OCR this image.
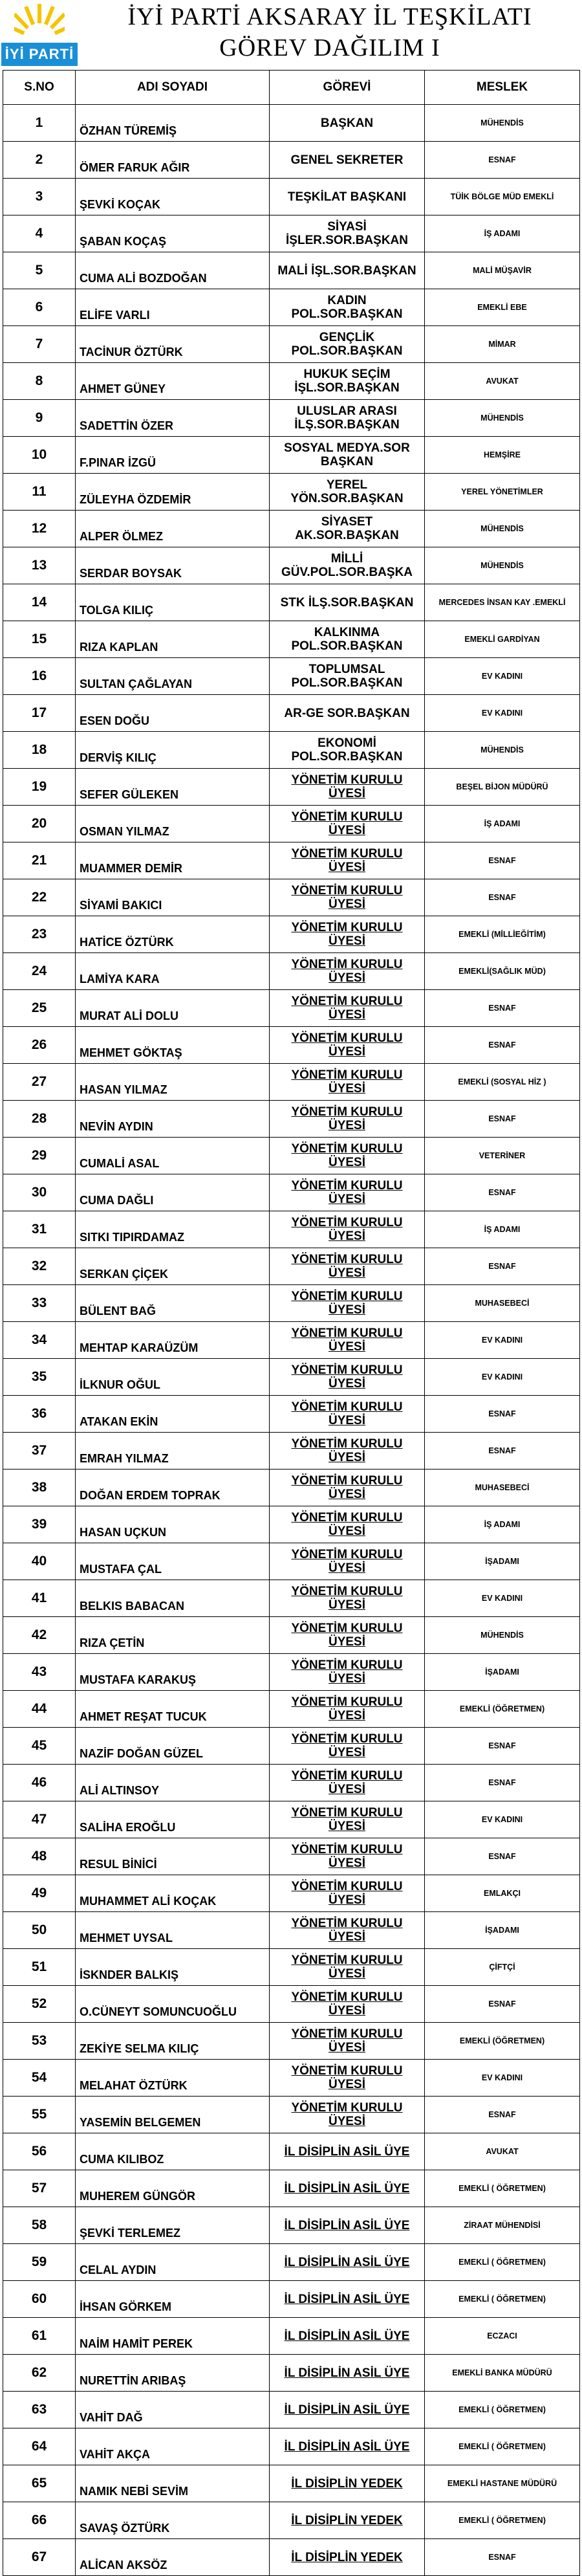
İYİ PARTİ
İYİ PARTİ AKSARAY İL TEŞKİLATI
GÖREV DAĞILIM I
S.NO	ADI SOYADI	GÖREVİ	MESLEK
1	ÖZHAN TÜREMİŞ	BAŞKAN	MÜHENDİS
2	ÖMER FARUK AĞIR	GENEL SEKRETER	ESNAF
3	ŞEVKİ KOÇAK	TEŞKİLAT BAŞKANI	TÜİK BÖLGE MÜD EMEKLİ
4	ŞABAN KOÇAŞ	SİYASİ İŞLER.SOR.BAŞKAN	İŞ ADAMI
5	CUMA ALİ BOZDOĞAN	MALİ İŞL.SOR.BAŞKAN	MALİ MÜŞAVİR
6	ELİFE VARLI	KADIN POL.SOR.BAŞKAN	EMEKLİ EBE
7	TACİNUR ÖZTÜRK	GENÇLİK POL.SOR.BAŞKAN	MİMAR
8	AHMET GÜNEY	HUKUK SEÇİM İŞL.SOR.BAŞKAN	AVUKAT
9	SADETTİN ÖZER	ULUSLAR ARASI İLŞ.SOR.BAŞKAN	MÜHENDİS
10	F.PINAR İZGÜ	SOSYAL MEDYA.SOR BAŞKAN	HEMŞİRE
11	ZÜLEYHA ÖZDEMİR	YEREL YÖN.SOR.BAŞKAN	YEREL YÖNETİMLER
12	ALPER ÖLMEZ	SİYASET AK.SOR.BAŞKAN	MÜHENDİS
13	SERDAR BOYSAK	MİLLİ GÜV.POL.SOR.BAŞKA	MÜHENDİS
14	TOLGA KILIÇ	STK İLŞ.SOR.BAŞKAN	MERCEDES İNSAN KAY .EMEKLİ
15	RIZA KAPLAN	KALKINMA POL.SOR.BAŞKAN	EMEKLİ GARDİYAN
16	SULTAN ÇAĞLAYAN	TOPLUMSAL POL.SOR.BAŞKAN	EV KADINI
17	ESEN DOĞU	AR-GE SOR.BAŞKAN	EV KADINI
18	DERVİŞ KILIÇ	EKONOMİ POL.SOR.BAŞKAN	MÜHENDİS
19	SEFER GÜLEKEN	YÖNETİM KURULU ÜYESİ	BEŞEL BİJON MÜDÜRÜ
20	OSMAN YILMAZ	YÖNETİM KURULU ÜYESİ	İŞ ADAMI
21	MUAMMER DEMİR	YÖNETİM KURULU ÜYESİ	ESNAF
22	SİYAMİ BAKICI	YÖNETİM KURULU ÜYESİ	ESNAF
23	HATİCE ÖZTÜRK	YÖNETİM KURULU ÜYESİ	EMEKLİ (MİLLİEĞİTİM)
24	LAMİYA KARA	YÖNETİM KURULU ÜYESİ	EMEKLİ(SAĞLIK MÜD)
25	MURAT ALİ DOLU	YÖNETİM KURULU ÜYESİ	ESNAF
26	MEHMET GÖKTAŞ	YÖNETİM KURULU ÜYESİ	ESNAF
27	HASAN YILMAZ	YÖNETİM KURULU ÜYESİ	EMEKLİ (SOSYAL HİZ )
28	NEVİN AYDIN	YÖNETİM KURULU ÜYESİ	ESNAF
29	CUMALİ ASAL	YÖNETİM KURULU ÜYESİ	VETERİNER
30	CUMA DAĞLI	YÖNETİM KURULU ÜYESİ	ESNAF
31	SITKI TIPIRDAMAZ	YÖNETİM KURULU ÜYESİ	İŞ ADAMI
32	SERKAN ÇİÇEK	YÖNETİM KURULU ÜYESİ	ESNAF
33	BÜLENT BAĞ	YÖNETİM KURULU ÜYESİ	MUHASEBECİ
34	MEHTAP KARAÜZÜM	YÖNETİM KURULU ÜYESİ	EV KADINI
35	İLKNUR OĞUL	YÖNETİM KURULU ÜYESİ	EV KADINI
36	ATAKAN EKİN	YÖNETİM KURULU ÜYESİ	ESNAF
37	EMRAH YILMAZ	YÖNETİM KURULU ÜYESİ	ESNAF
38	DOĞAN ERDEM TOPRAK	YÖNETİM KURULU ÜYESİ	MUHASEBECİ
39	HASAN UÇKUN	YÖNETİM KURULU ÜYESİ	İŞ ADAMI
40	MUSTAFA ÇAL	YÖNETİM KURULU ÜYESİ	İŞADAMI
41	BELKIS BABACAN	YÖNETİM KURULU ÜYESİ	EV KADINI
42	RIZA ÇETİN	YÖNETİM KURULU ÜYESİ	MÜHENDİS
43	MUSTAFA KARAKUŞ	YÖNETİM KURULU ÜYESİ	İŞADAMI
44	AHMET REŞAT TUCUK	YÖNETİM KURULU ÜYESİ	EMEKLİ (ÖĞRETMEN)
45	NAZİF DOĞAN GÜZEL	YÖNETİM KURULU ÜYESİ	ESNAF
46	ALİ ALTINSOY	YÖNETİM KURULU ÜYESİ	ESNAF
47	SALİHA EROĞLU	YÖNETİM KURULU ÜYESİ	EV KADINI
48	RESUL BİNİCİ	YÖNETİM KURULU ÜYESİ	ESNAF
49	MUHAMMET ALİ KOÇAK	YÖNETİM KURULU ÜYESİ	EMLAKÇI
50	MEHMET UYSAL	YÖNETİM KURULU ÜYESİ	İŞADAMI
51	İSKNDER BALKIŞ	YÖNETİM KURULU ÜYESİ	ÇİFTÇİ
52	O.CÜNEYT SOMUNCUOĞLU	YÖNETİM KURULU ÜYESİ	ESNAF
53	ZEKİYE SELMA KILIÇ	YÖNETİM KURULU ÜYESİ	EMEKLİ (ÖĞRETMEN)
54	MELAHAT ÖZTÜRK	YÖNETİM KURULU ÜYESİ	EV KADINI
55	YASEMİN BELGEMEN	YÖNETİM KURULU ÜYESİ	ESNAF
56	CUMA KILIBOZ	İL DİSİPLİN ASİL ÜYE	AVUKAT
57	MUHEREM GÜNGÖR	İL DİSİPLİN ASİL ÜYE	EMEKLİ ( ÖĞRETMEN)
58	ŞEVKİ TERLEMEZ	İL DİSİPLİN ASİL ÜYE	ZİRAAT MÜHENDİSİ
59	CELAL AYDIN	İL DİSİPLİN ASİL ÜYE	EMEKLİ ( ÖĞRETMEN)
60	İHSAN GÖRKEM	İL DİSİPLİN ASİL ÜYE	EMEKLİ ( ÖĞRETMEN)
61	NAİM HAMİT PEREK	İL DİSİPLİN ASİL ÜYE	ECZACI
62	NURETTİN ARIBAŞ	İL DİSİPLİN ASİL ÜYE	EMEKLİ BANKA MÜDÜRÜ
63	VAHİT DAĞ	İL DİSİPLİN ASİL ÜYE	EMEKLİ ( ÖĞRETMEN)
64	VAHİT AKÇA	İL DİSİPLİN ASİL ÜYE	EMEKLİ ( ÖĞRETMEN)
65	NAMIK NEBİ SEVİM	İL DİSİPLİN YEDEK	EMEKLİ HASTANE MÜDÜRÜ
66	SAVAŞ ÖZTÜRK	İL DİSİPLİN YEDEK	EMEKLİ ( ÖĞRETMEN)
67	ALİCAN AKSÖZ	İL DİSİPLİN YEDEK	ESNAF
